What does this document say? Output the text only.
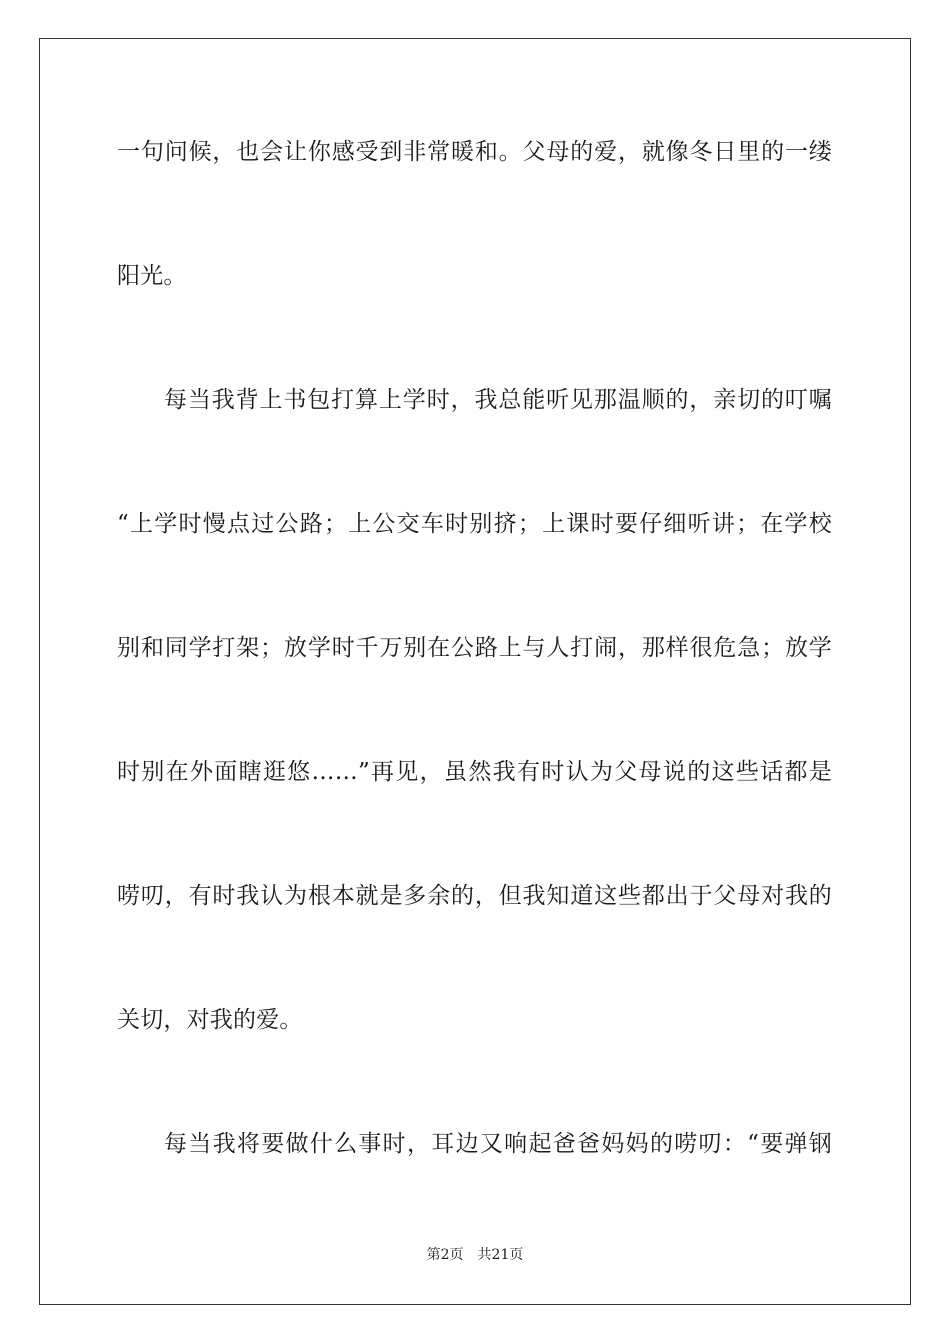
一句问候，也会让你感受到非常暖和。父母的爱，就像冬日里的一缕
阳光。
每当我背上书包打算上学时，我总能听见那温顺的，亲切的叮嘱
“上学时慢点过公路；上公交车时别挤；上课时要仔细听讲；在学校
别和同学打架；放学时千万别在公路上与人打闹，那样很危急；放学
时别在外面瞎逛悠……”再见，虽然我有时认为父母说的这些话都是
唠叨，有时我认为根本就是多余的，但我知道这些都出于父母对我的
关切，对我的爱。
每当我将要做什么事时，耳边又响起爸爸妈妈的唠叨：“要弹钢
第2页 共21页
